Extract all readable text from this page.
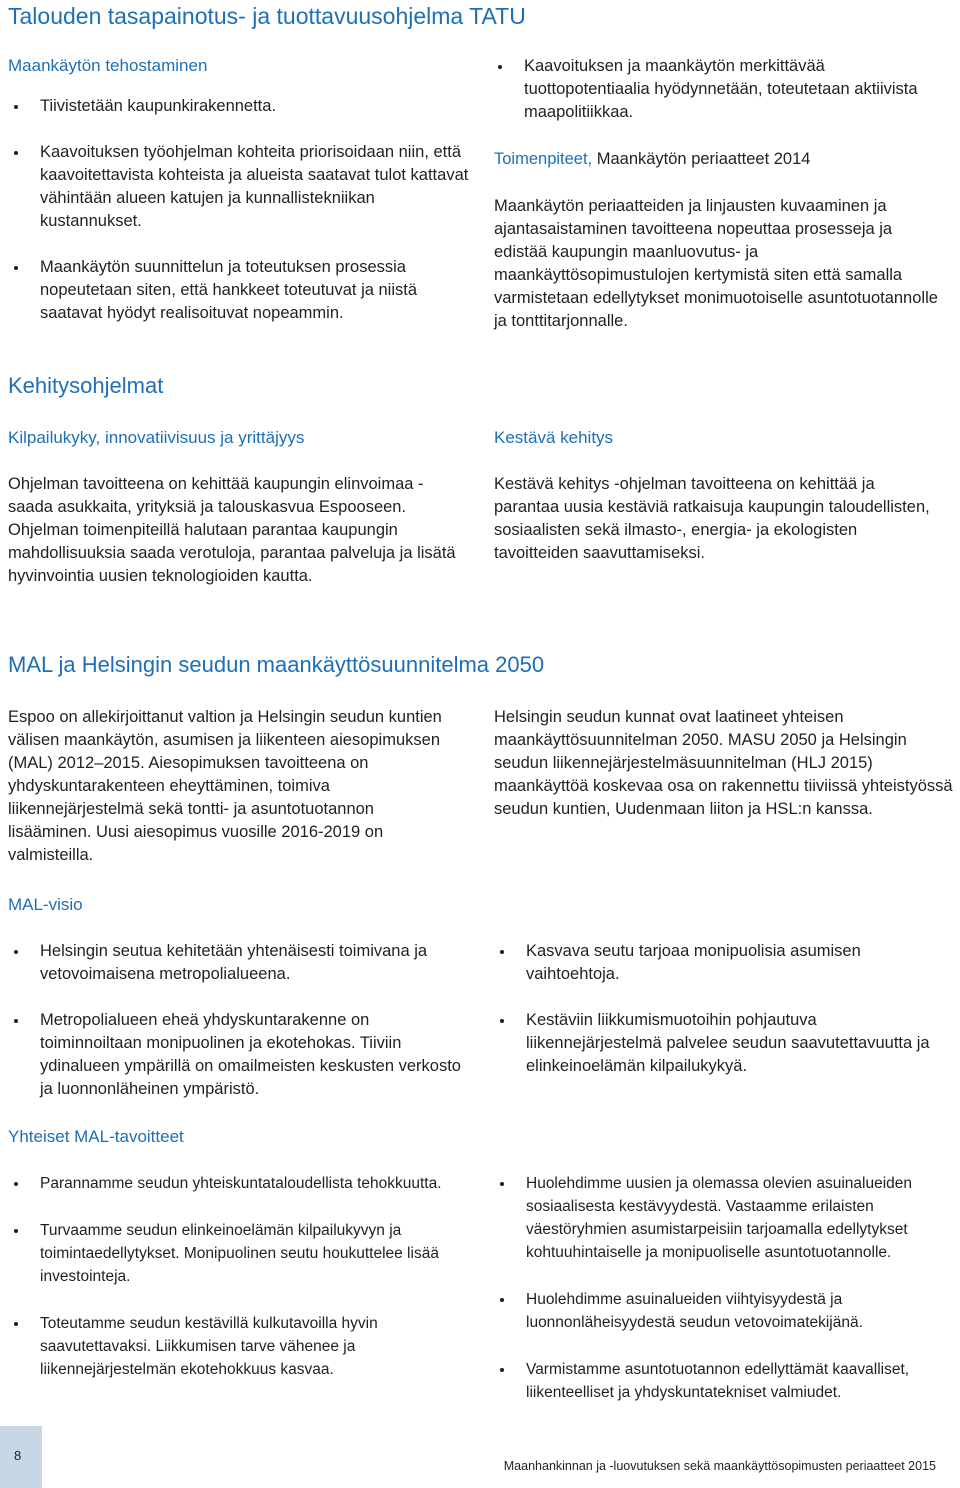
Talouden tasapainotus- ja tuottavuusohjelma TATU
Maankäytön tehostaminen
Tiivistetään kaupunkirakennetta.
Kaavoituksen työohjelman kohteita priorisoidaan niin, että kaavoitettavista kohteista ja alueista saatavat tulot kattavat vähintään alueen katujen ja kunnallistekniikan kustannukset.
Maankäytön suunnittelun ja toteutuksen prosessia nopeutetaan siten, että hankkeet toteutuvat ja niistä saatavat hyödyt realisoituvat nopeammin.
Kaavoituksen ja maankäytön merkittävää tuottopotentiaalia hyödynnetään, toteutetaan aktiivista maapolitiikkaa.

Toimenpiteet, Maankäytön periaatteet 2014

Maankäytön periaatteiden ja linjausten kuvaaminen ja ajantasaistaminen tavoitteena nopeuttaa prosesseja ja edistää kaupungin maanluovutus- ja maankäyttösopimustulojen kertymistä siten että samalla varmistetaan edellytykset monimuotoiselle asuntotuotannolle ja tonttitarjonnalle.

Kehitysohjelmat
Kilpailukyky, innovatiivisuus ja yrittäjyys

Ohjelman tavoitteena on kehittää kaupungin elinvoimaa - saada asukkaita, yrityksiä ja talouskasvua Espooseen. Ohjelman toimenpiteillä halutaan parantaa kaupungin mahdollisuuksia saada verotuloja, parantaa palveluja ja lisätä hyvinvointia uusien teknologioiden kautta.

Kestävä kehitys

Kestävä kehitys -ohjelman tavoitteena on kehittää ja parantaa uusia kestäviä ratkaisuja kaupungin taloudellisten, sosiaalisten sekä ilmasto-, energia- ja ekologisten tavoitteiden saavuttamiseksi.

MAL ja Helsingin seudun maankäyttösuunnitelma 2050

Espoo on allekirjoittanut valtion ja Helsingin seudun kuntien välisen maankäytön, asumisen ja liikenteen aiesopimuksen (MAL) 2012–2015. Aiesopimuksen tavoitteena on yhdyskuntarakenteen eheyttäminen, toimiva liikennejärjestelmä sekä tontti- ja asuntotuotannon lisääminen. Uusi aiesopimus vuosille 2016-2019 on valmisteilla.

Helsingin seudun kunnat ovat laatineet yhteisen maankäyttösuunnitelman 2050. MASU 2050 ja Helsingin seudun liikennejärjestelmäsuunnitelman (HLJ 2015) maankäyttöä koskevaa osa on rakennettu tiiviissä yhteistyössä seudun kuntien, Uudenmaan liiton ja HSL:n kanssa.

MAL-visio
Helsingin seutua kehitetään yhtenäisesti toimivana ja vetovoimaisena metropolialueena.
Metropolialueen eheä yhdyskuntarakenne on toiminnoiltaan monipuolinen ja ekotehokas. Tiiviin ydinalueen ympärillä on omailmeisten keskusten verkosto ja luonnonläheinen ympäristö.
Kasvava seutu tarjoaa monipuolisia asumisen vaihtoehtoja.
Kestäviin liikkumismuotoihin pohjautuva liikennejärjestelmä palvelee seudun saavutettavuutta ja elinkeinoelämän kilpailukykyä.
Yhteiset MAL-tavoitteet
Parannamme seudun yhteiskuntataloudellista tehokkuutta.
Turvaamme seudun elinkeinoelämän kilpailukyvyn ja toimintaedellytykset. Monipuolinen seutu houkuttelee lisää investointeja.
Toteutamme seudun kestävillä kulkutavoilla hyvin saavutettavaksi. Liikkumisen tarve vähenee ja liikennejärjestelmän ekotehokkuus kasvaa.
Huolehdimme uusien ja olemassa olevien asuinalueiden sosiaalisesta kestävyydestä. Vastaamme erilaisten väestöryhmien asumistarpeisiin tarjoamalla edellytykset kohtuuhintaiselle ja monipuoliselle asuntotuotannolle.
Huolehdimme asuinalueiden viihtyisyydestä ja luonnonläheisyydestä seudun vetovoimatekijänä.
Varmistamme asuntotuotannon edellyttämät kaavalliset, liikenteelliset ja yhdyskuntatekniset valmiudet.
8
Maanhankinnan ja -luovutuksen sekä maankäyttösopimusten periaatteet 2015
